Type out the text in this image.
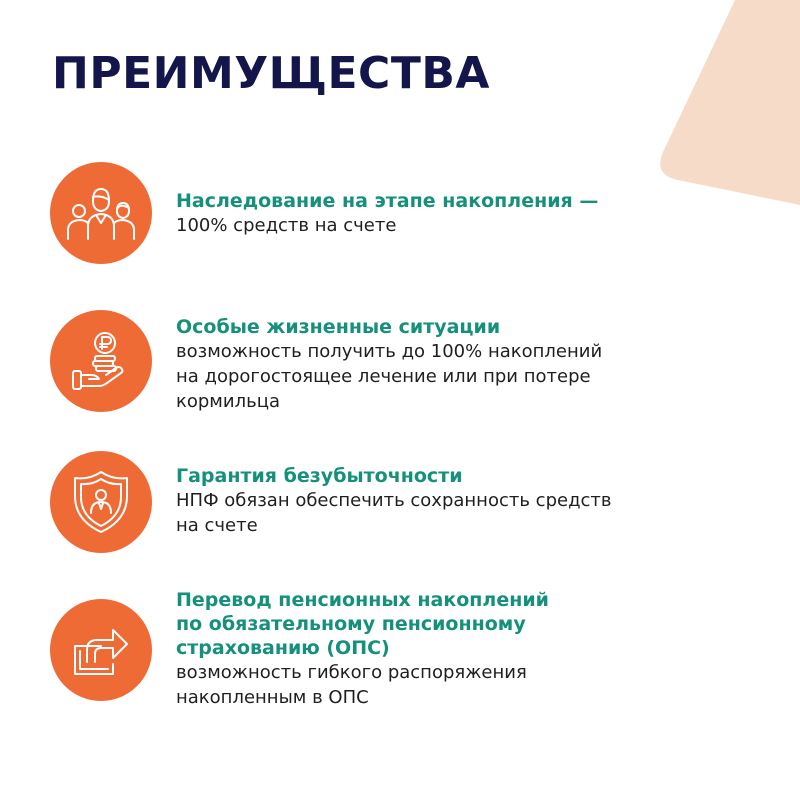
ПРЕИМУЩЕСТВА
Наследование на этапе накопления —
100% средств на счете
Особые жизненные ситуации
возможность получить до 100% накоплений
на дорогостоящее лечение или при потере
кормильца
Гарантия безубыточности
НПФ обязан обеспечить сохранность средств
на счете
Перевод пенсионных накоплений
по обязательному пенсионному
страхованию (ОПС)
возможность гибкого распоряжения
накопленным в ОПС
